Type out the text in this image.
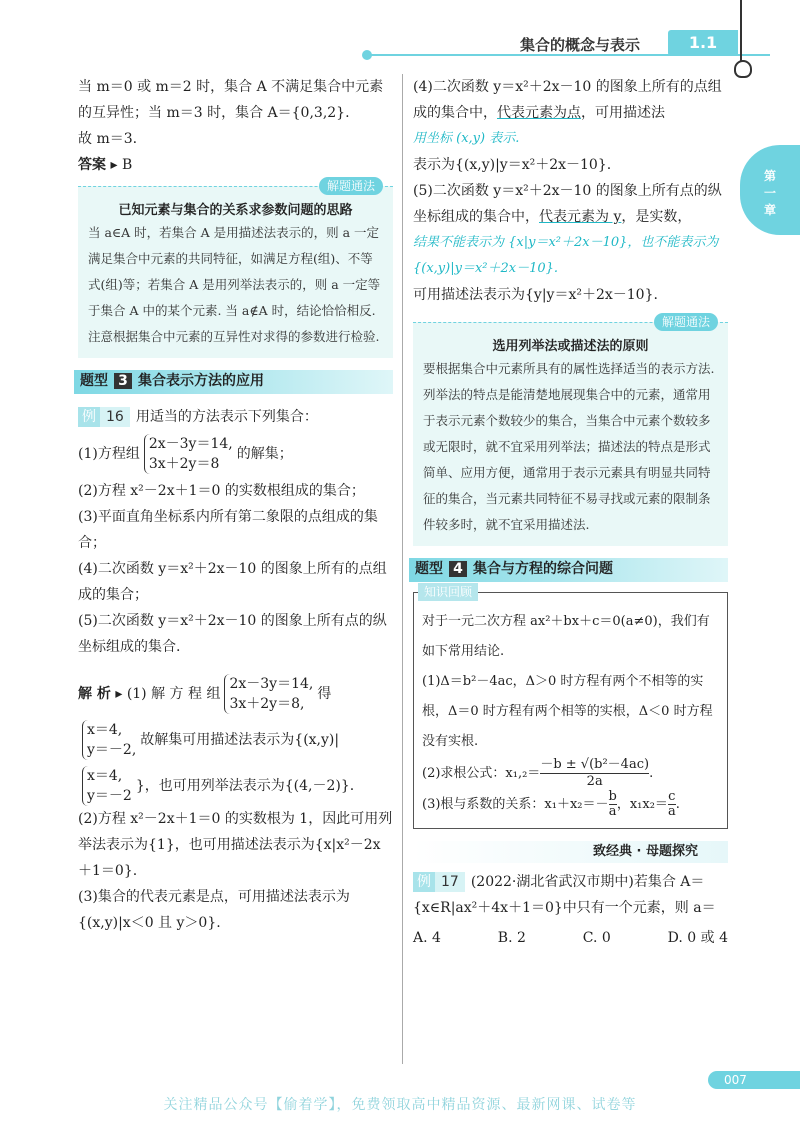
集合的概念与表示	1.1
第
一
章

当 m＝0 或 m＝2 时，集合 A 不满足集合中元素的互异性；当 m＝3 时，集合 A＝{0,3,2}.

故 m＝3.

答案 ▸ B

解题通法
已知元素与集合的关系求参数问题的思路
当 a∈A 时，若集合 A 是用描述法表示的，则 a 一定满足集合中元素的共同特征，如满足方程(组)、不等式(组)等；若集合 A 是用列举法表示的，则 a 一定等于集合 A 中的某个元素. 当 a∉A 时，结论恰恰相反.
注意根据集合中元素的互异性对求得的参数进行检验.
题型 3 集合表示方法的应用

例 16 用适当的方法表示下列集合：

(1)方程组2x－3y＝14,
3x＋2y＝8的解集；

(2)方程 x²－2x＋1＝0 的实数根组成的集合；

(3)平面直角坐标系内所有第二象限的点组成的集合；

(4)二次函数 y＝x²＋2x－10 的图象上所有的点组成的集合；

(5)二次函数 y＝x²＋2x－10 的图象上所有点的纵坐标组成的集合.

解 析 ▸ (1) 解 方 程 组2x－3y＝14,
3x＋2y＝8,得

x＝4,
y＝－2,故解集可用描述法表示为{(x,y)|

x＝4,
y＝－2}，也可用列举法表示为{(4,－2)}.

(2)方程 x²－2x＋1＝0 的实数根为 1，因此可用列举法表示为{1}，也可用描述法表示为{x|x²－2x＋1＝0}.

(3)集合的代表元素是点，可用描述法表示为{(x,y)|x＜0 且 y＞0}.

(4)二次函数 y＝x²＋2x－10 的图象上所有的点组成的集合中，代表元素为点，可用描述法

用坐标 (x,y) 表示.

表示为{(x,y)|y＝x²＋2x－10}.

(5)二次函数 y＝x²＋2x－10 的图象上所有点的纵坐标组成的集合中，代表元素为 y，是实数，

结果不能表示为 {x|y＝x²＋2x－10}，也不能表示为 {(x,y)|y＝x²＋2x－10}.

可用描述法表示为{y|y＝x²＋2x－10}.

解题通法
选用列举法或描述法的原则
要根据集合中元素所具有的属性选择适当的表示方法. 列举法的特点是能清楚地展现集合中的元素，通常用于表示元素个数较少的集合，当集合中元素个数较多或无限时，就不宜采用列举法；描述法的特点是形式简单、应用方便，通常用于表示元素具有明显共同特征的集合，当元素共同特征不易寻找或元素的限制条件较多时，就不宜采用描述法.
题型 4 集合与方程的综合问题
知识回顾
对于一元二次方程 ax²＋bx＋c＝0(a≠0)，我们有如下常用结论.
(1)Δ＝b²－4ac，Δ＞0 时方程有两个不相等的实根，Δ＝0 时方程有两个相等的实根，Δ＜0 时方程没有实根.
(2)求根公式：$x_1,_2= \frac{\text{－b ± √(b²－4ac)}}{2a}$ .
(3)根与系数的关系：$x_1+x_2=- \frac{b}{a}$ ，$x_1x_2= \frac{c}{a}$ .
致经典 · 母题探究

例 17 (2022·湖北省武汉市期中)若集合 A＝{x∈R|ax²＋4x＋1＝0}中只有一个元素，则 a＝

A. 4	B. 2	C. 0	D. 0 或 4
007
关注精品公众号【偷着学】，免费领取高中精品资源、最新网课、试卷等
